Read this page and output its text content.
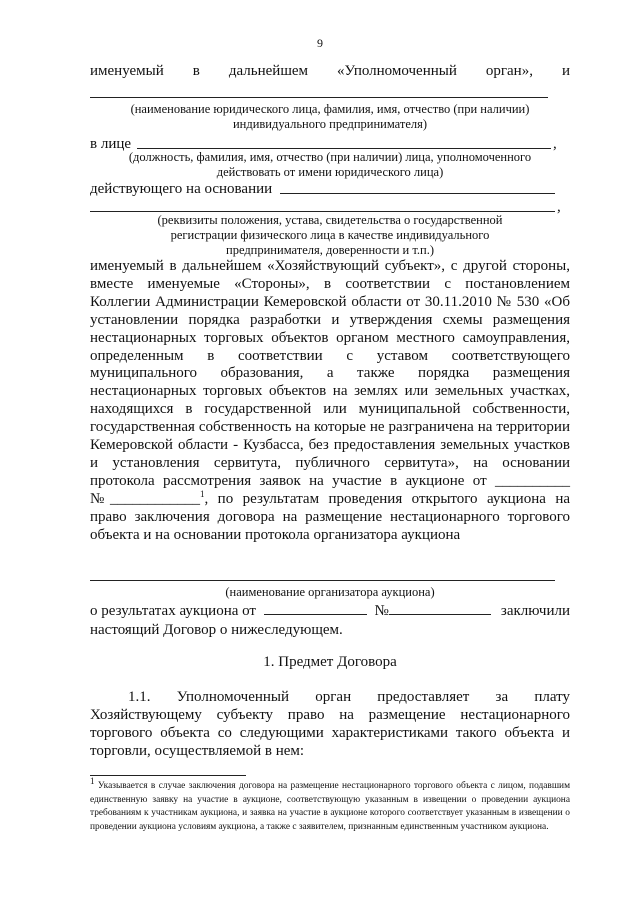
9
именуемый в дальнейшем «Уполномоченный орган», и
(наименование юридического лица, фамилия, имя, отчество (при наличии) индивидуального предпринимателя)
в лице	,
(должность, фамилия, имя, отчество (при наличии) лица, уполномоченного действовать от имени юридического лица)
действующего на основании
,
(реквизиты положения, устава, свидетельства о государственной регистрации физического лица в качестве индивидуального предпринимателя, доверенности и т.п.)
именуемый в дальнейшем «Хозяйствующий субъект», с другой стороны, вместе именуемые «Стороны», в соответствии с постановлением Коллегии Администрации Кемеровской области от 30.11.2010 № 530 «Об установлении порядка разработки и утверждения схемы размещения нестационарных торговых объектов органом местного самоуправления, определенным в соответствии с уставом соответствующего муниципального образования, а также порядка размещения нестационарных торговых объектов на землях или земельных участках, находящихся в государственной или муниципальной собственности, государственная собственность на которые не разграничена на территории Кемеровской области - Кузбасса, без предоставления земельных участков и установления сервитута, публичного сервитута», на основании протокола рассмотрения заявок на участие в аукционе от __________ №____________$^1$, по результатам проведения открытого аукциона на право заключения договора на размещение нестационарного торгового объекта и на основании протокола организатора аукциона
(наименование организатора аукциона)
о результатах аукциона от	№	заключили
настоящий Договор о нижеследующем.
1. Предмет Договора
1.1. Уполномоченный орган предоставляет за плату Хозяйствующему субъекту право на размещение нестационарного торгового объекта со следующими характеристиками такого объекта и торговли, осуществляемой в нем:
$^1$ Указывается в случае заключения договора на размещение нестационарного торгового объекта с лицом, подавшим единственную заявку на участие в аукционе, соответствующую указанным в извещении о проведении аукциона требованиям к участникам аукциона, и заявка на участие в аукционе которого соответствует указанным в извещении о проведении аукциона условиям аукциона, а также с заявителем, признанным единственным участником аукциона.
